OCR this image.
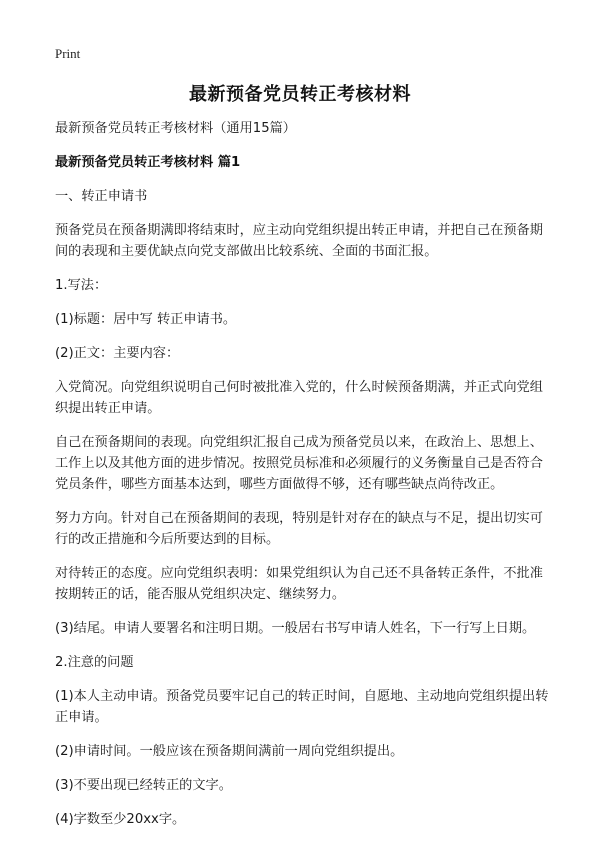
Print
最新预备党员转正考核材料

最新预备党员转正考核材料（通用15篇）

最新预备党员转正考核材料 篇1

一、转正申请书

预备党员在预备期满即将结束时，应主动向党组织提出转正申请，并把自己在预备期间的表现和主要优缺点向党支部做出比较系统、全面的书面汇报。

1.写法：

(1)标题：居中写 转正申请书。

(2)正文：主要内容：

入党简况。向党组织说明自己何时被批准入党的，什么时候预备期满，并正式向党组织提出转正申请。

自己在预备期间的表现。向党组织汇报自己成为预备党员以来，在政治上、思想上、工作上以及其他方面的进步情况。按照党员标准和必须履行的义务衡量自己是否符合党员条件，哪些方面基本达到，哪些方面做得不够，还有哪些缺点尚待改正。

努力方向。针对自己在预备期间的表现，特别是针对存在的缺点与不足，提出切实可行的改正措施和今后所要达到的目标。

对待转正的态度。应向党组织表明：如果党组织认为自己还不具备转正条件，不批准按期转正的话，能否服从党组织决定、继续努力。

(3)结尾。申请人要署名和注明日期。一般居右书写申请人姓名，下一行写上日期。

2.注意的问题

(1)本人主动申请。预备党员要牢记自己的转正时间，自愿地、主动地向党组织提出转正申请。

(2)申请时间。一般应该在预备期间满前一周向党组织提出。

(3)不要出现已经转正的文字。

(4)字数至少20xx字。
